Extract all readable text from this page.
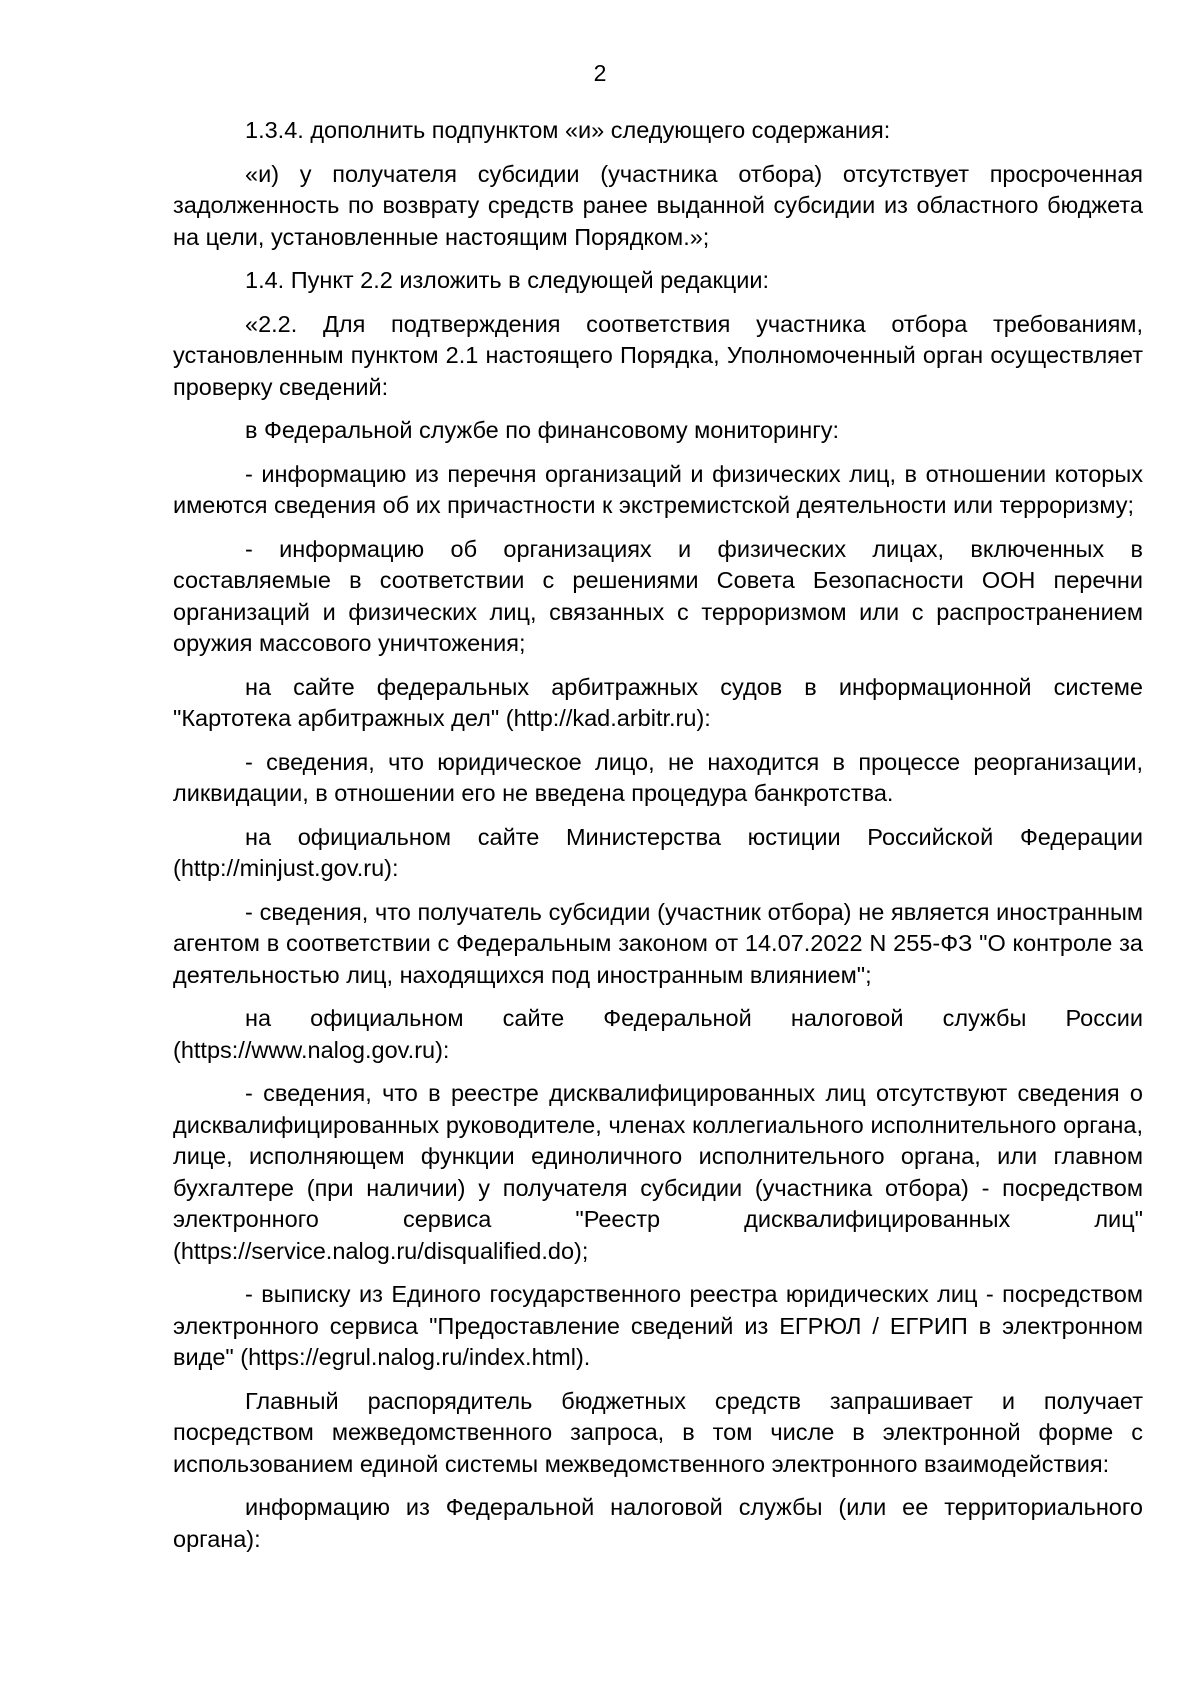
2

1.3.4. дополнить подпунктом «и» следующего содержания:

«и) у получателя субсидии (участника отбора) отсутствует просроченная задолженность по возврату средств ранее выданной субсидии из областного бюджета на цели, установленные настоящим Порядком.»;

1.4. Пункт 2.2 изложить в следующей редакции:

«2.2. Для подтверждения соответствия участника отбора требованиям, установленным пунктом 2.1 настоящего Порядка, Уполномоченный орган осуществляет проверку сведений:

в Федеральной службе по финансовому мониторингу:

- информацию из перечня организаций и физических лиц, в отношении которых имеются сведения об их причастности к экстремистской деятельности или терроризму;

- информацию об организациях и физических лицах, включенных в составляемые в соответствии с решениями Совета Безопасности ООН перечни организаций и физических лиц, связанных с терроризмом или с распространением оружия массового уничтожения;

на сайте федеральных арбитражных судов в информационной системе "Картотека арбитражных дел" (http://kad.arbitr.ru):

- сведения, что юридическое лицо, не находится в процессе реорганизации, ликвидации, в отношении его не введена процедура банкротства.

на официальном сайте Министерства юстиции Российской Федерации (http://minjust.gov.ru):

- сведения, что получатель субсидии (участник отбора) не является иностранным агентом в соответствии с Федеральным законом от 14.07.2022 N 255-ФЗ "О контроле за деятельностью лиц, находящихся под иностранным влиянием";

на официальном сайте Федеральной налоговой службы России (https://www.nalog.gov.ru):

- сведения, что в реестре дисквалифицированных лиц отсутствуют сведения о дисквалифицированных руководителе, членах коллегиального исполнительного органа, лице, исполняющем функции единоличного исполнительного органа, или главном бухгалтере (при наличии) у получателя субсидии (участника отбора) - посредством электронного сервиса "Реестр дисквалифицированных лиц" (https://service.nalog.ru/disqualified.do);

- выписку из Единого государственного реестра юридических лиц - посредством электронного сервиса "Предоставление сведений из ЕГРЮЛ / ЕГРИП в электронном виде" (https://egrul.nalog.ru/index.html).

Главный распорядитель бюджетных средств запрашивает и получает посредством межведомственного запроса, в том числе в электронной форме с использованием единой системы межведомственного электронного взаимодействия:

информацию из Федеральной налоговой службы (или ее территориального органа):
